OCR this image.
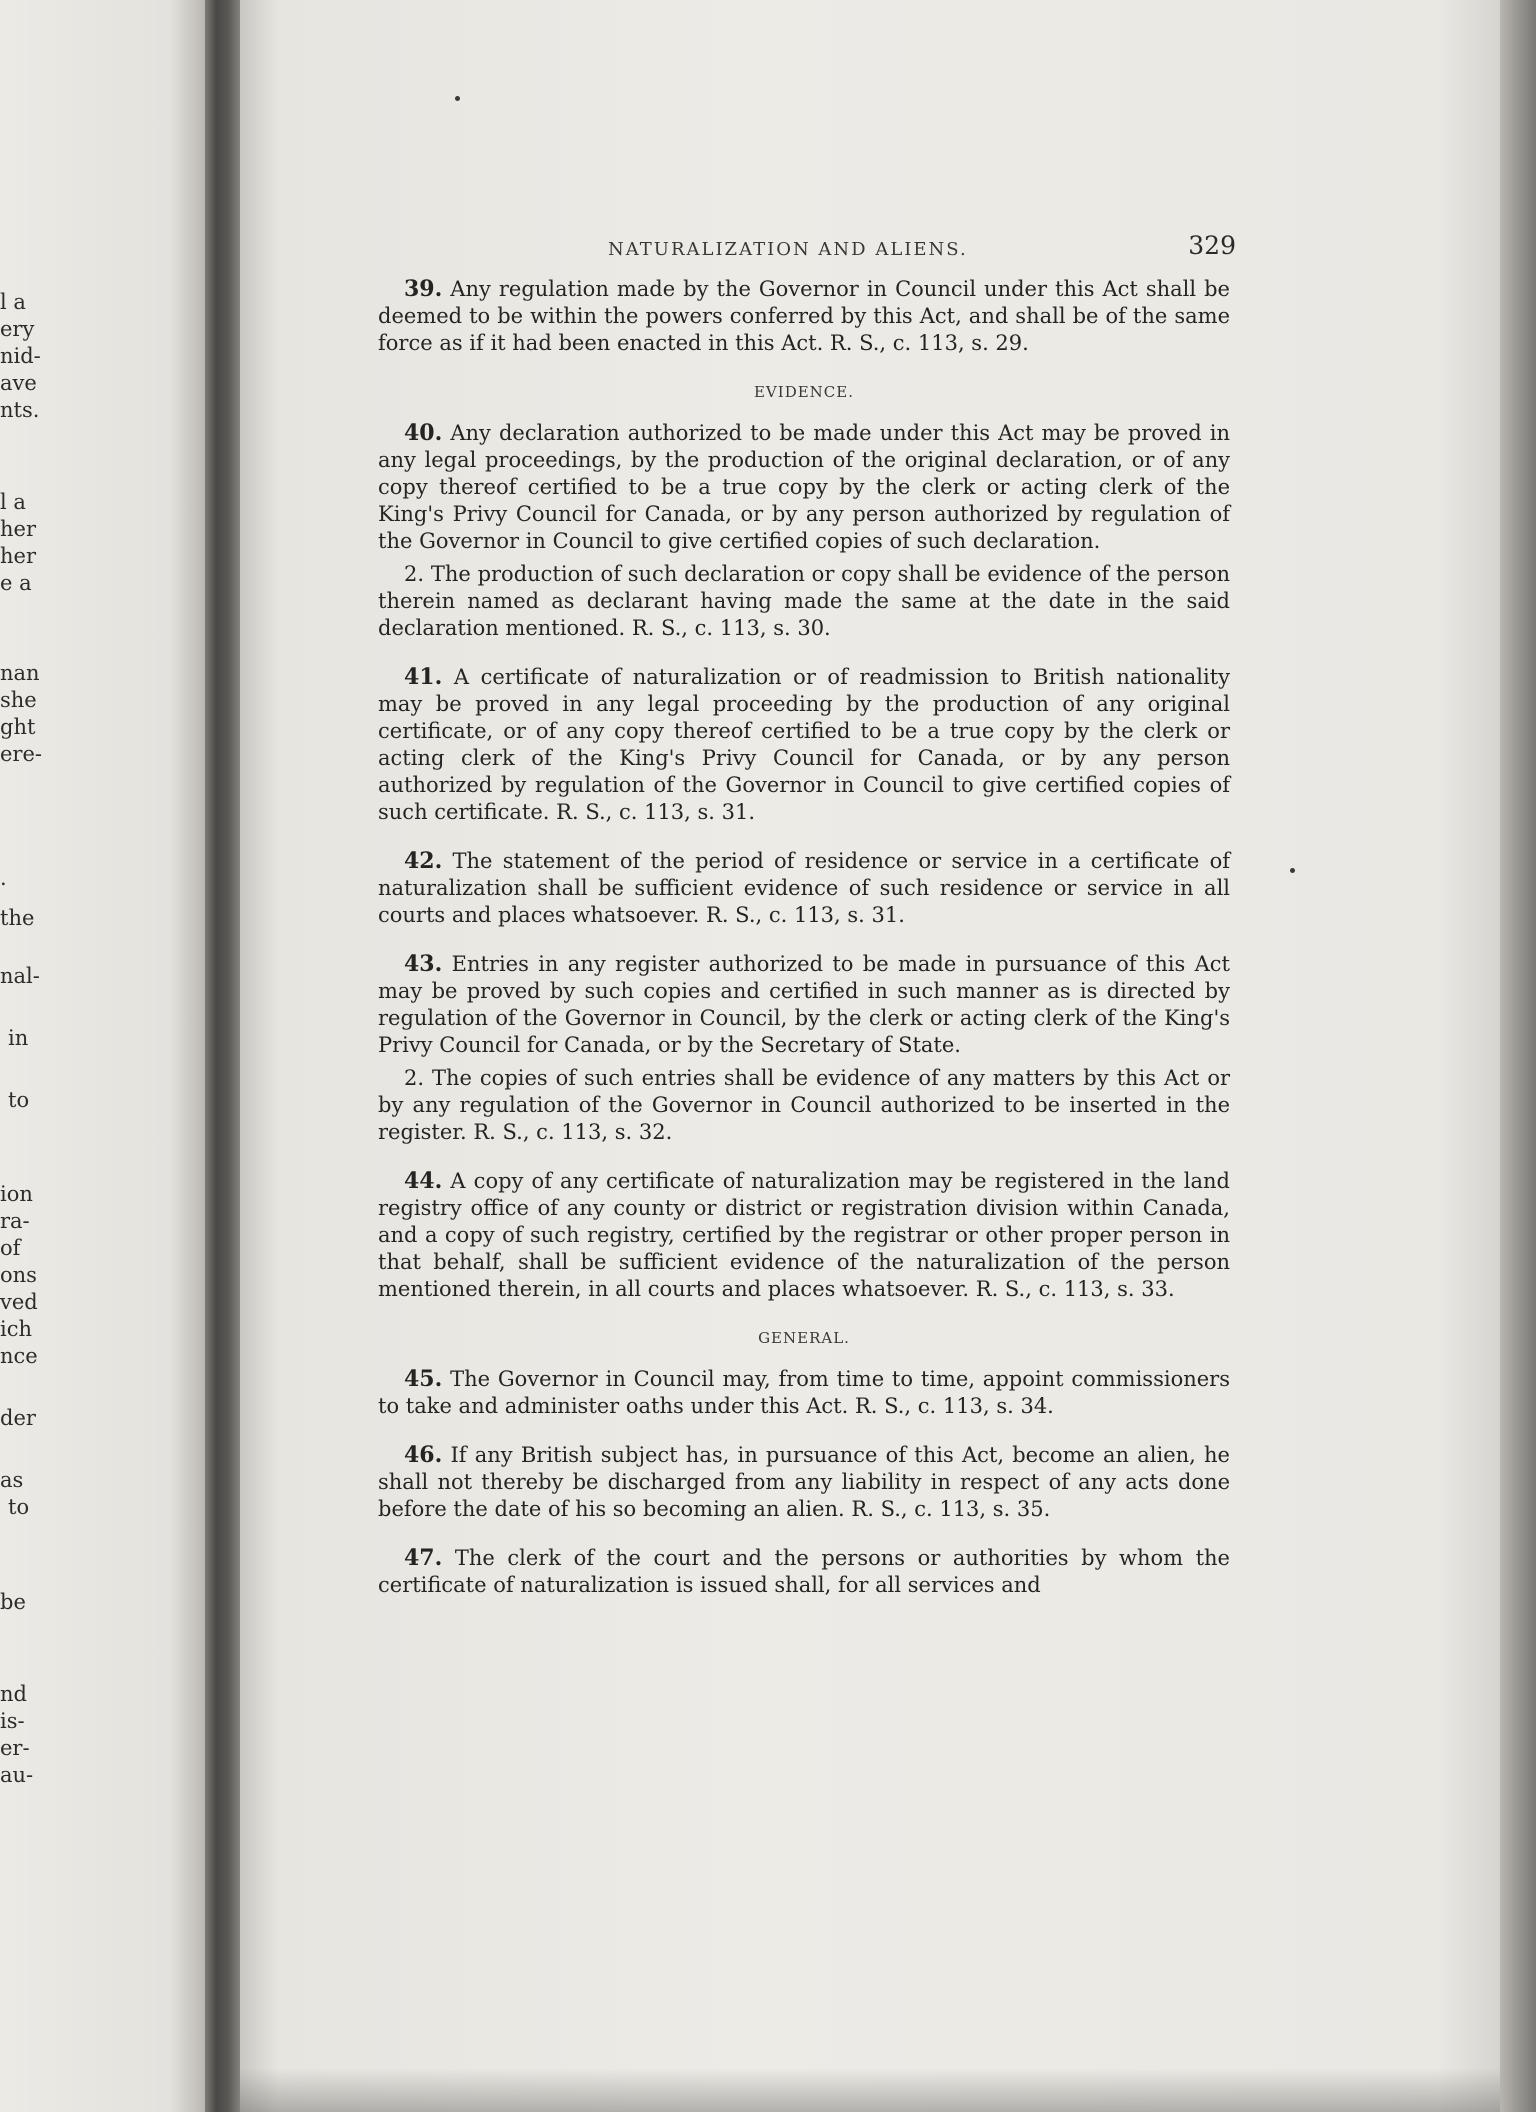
l a
ery
nid-
ave
nts.
l a
her
her
e a
nan
she
ght
ere-
.
the
nal-
in
to
ion
ra-
of
ons
ved
ich
nce
der
as
to
be
nd
is-
er-
au-
NATURALIZATION AND ALIENS.	329

39. Any regulation made by the Governor in Council under this Act shall be deemed to be within the powers conferred by this Act, and shall be of the same force as if it had been enacted in this Act. R. S., c. 113, s. 29.

EVIDENCE.

40. Any declaration authorized to be made under this Act may be proved in any legal proceedings, by the production of the original declaration, or of any copy thereof certified to be a true copy by the clerk or acting clerk of the King's Privy Council for Canada, or by any person authorized by regulation of the Governor in Council to give certified copies of such declaration.

2. The production of such declaration or copy shall be evidence of the person therein named as declarant having made the same at the date in the said declaration mentioned. R. S., c. 113, s. 30.

41. A certificate of naturalization or of readmission to British nationality may be proved in any legal proceeding by the production of any original certificate, or of any copy thereof certified to be a true copy by the clerk or acting clerk of the King's Privy Council for Canada, or by any person authorized by regulation of the Governor in Council to give certified copies of such certificate. R. S., c. 113, s. 31.

42. The statement of the period of residence or service in a certificate of naturalization shall be sufficient evidence of such residence or service in all courts and places whatsoever. R. S., c. 113, s. 31.

43. Entries in any register authorized to be made in pursuance of this Act may be proved by such copies and certified in such manner as is directed by regulation of the Governor in Council, by the clerk or acting clerk of the King's Privy Council for Canada, or by the Secretary of State.

2. The copies of such entries shall be evidence of any matters by this Act or by any regulation of the Governor in Council authorized to be inserted in the register. R. S., c. 113, s. 32.

44. A copy of any certificate of naturalization may be registered in the land registry office of any county or district or registration division within Canada, and a copy of such registry, certified by the registrar or other proper person in that behalf, shall be sufficient evidence of the naturalization of the person mentioned therein, in all courts and places whatsoever. R. S., c. 113, s. 33.

GENERAL.

45. The Governor in Council may, from time to time, appoint commissioners to take and administer oaths under this Act. R. S., c. 113, s. 34.

46. If any British subject has, in pursuance of this Act, become an alien, he shall not thereby be discharged from any liability in respect of any acts done before the date of his so becoming an alien. R. S., c. 113, s. 35.

47. The clerk of the court and the persons or authorities by whom the certificate of naturalization is issued shall, for all services and
